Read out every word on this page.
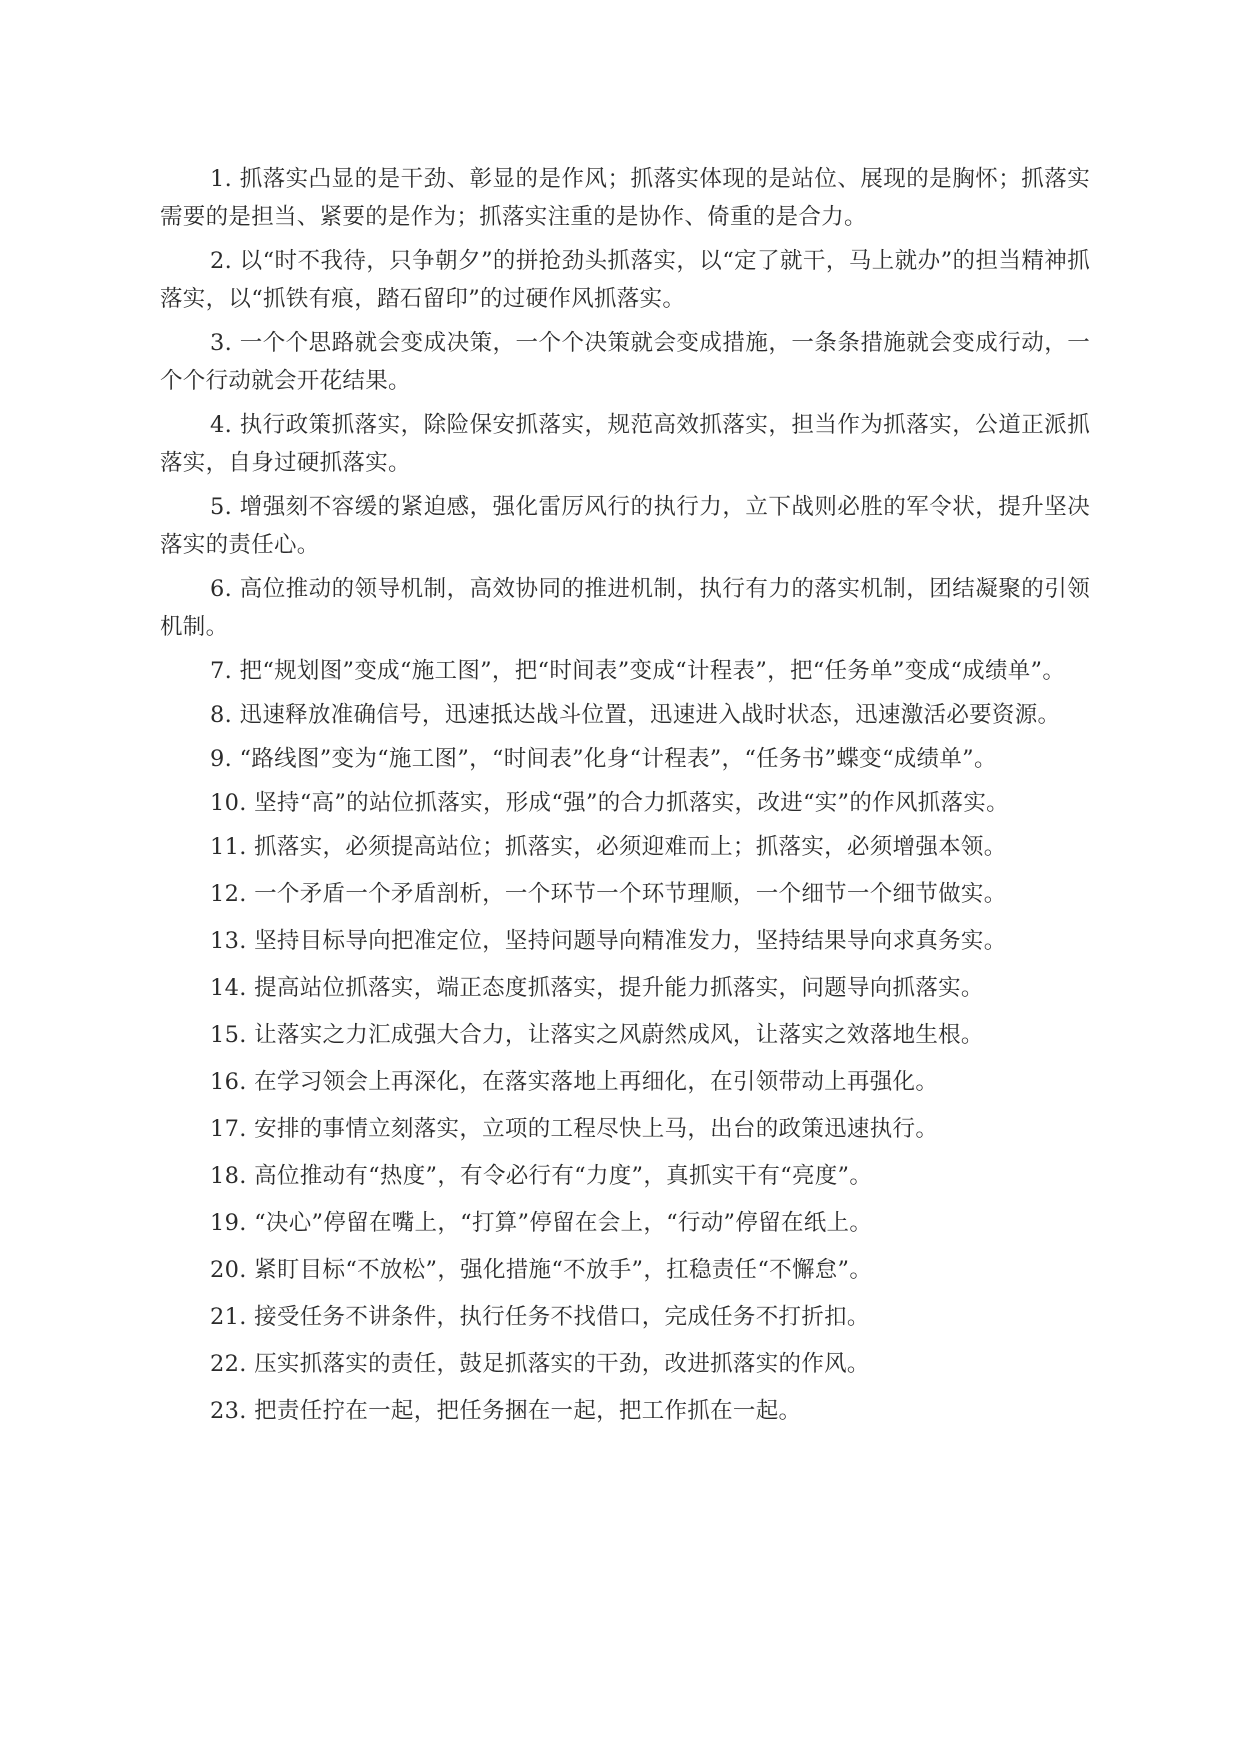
1. 抓落实凸显的是干劲、彰显的是作风；抓落实体现的是站位、展现的是胸怀；抓落实需要的是担当、紧要的是作为；抓落实注重的是协作、倚重的是合力。

2. 以“时不我待，只争朝夕”的拼抢劲头抓落实，以“定了就干，马上就办”的担当精神抓落实，以“抓铁有痕，踏石留印”的过硬作风抓落实。

3. 一个个思路就会变成决策，一个个决策就会变成措施，一条条措施就会变成行动，一个个行动就会开花结果。

4. 执行政策抓落实，除险保安抓落实，规范高效抓落实，担当作为抓落实，公道正派抓落实，自身过硬抓落实。

5. 增强刻不容缓的紧迫感，强化雷厉风行的执行力，立下战则必胜的军令状，提升坚决落实的责任心。

6. 高位推动的领导机制，高效协同的推进机制，执行有力的落实机制，团结凝聚的引领机制。

7. 把“规划图”变成“施工图”，把“时间表”变成“计程表”，把“任务单”变成“成绩单”。

8. 迅速释放准确信号，迅速抵达战斗位置，迅速进入战时状态，迅速激活必要资源。

9. “路线图”变为“施工图”，“时间表”化身“计程表”，“任务书”蝶变“成绩单”。

10. 坚持“高”的站位抓落实，形成“强”的合力抓落实，改进“实”的作风抓落实。

11. 抓落实，必须提高站位；抓落实，必须迎难而上；抓落实，必须增强本领。

12. 一个矛盾一个矛盾剖析，一个环节一个环节理顺，一个细节一个细节做实。

13. 坚持目标导向把准定位，坚持问题导向精准发力，坚持结果导向求真务实。

14. 提高站位抓落实，端正态度抓落实，提升能力抓落实，问题导向抓落实。

15. 让落实之力汇成强大合力，让落实之风蔚然成风，让落实之效落地生根。

16. 在学习领会上再深化，在落实落地上再细化，在引领带动上再强化。

17. 安排的事情立刻落实，立项的工程尽快上马，出台的政策迅速执行。

18. 高位推动有“热度”，有令必行有“力度”，真抓实干有“亮度”。

19. “决心”停留在嘴上，“打算”停留在会上，“行动”停留在纸上。

20. 紧盯目标“不放松”，强化措施“不放手”，扛稳责任“不懈怠”。

21. 接受任务不讲条件，执行任务不找借口，完成任务不打折扣。

22. 压实抓落实的责任，鼓足抓落实的干劲，改进抓落实的作风。

23. 把责任拧在一起，把任务捆在一起，把工作抓在一起。
